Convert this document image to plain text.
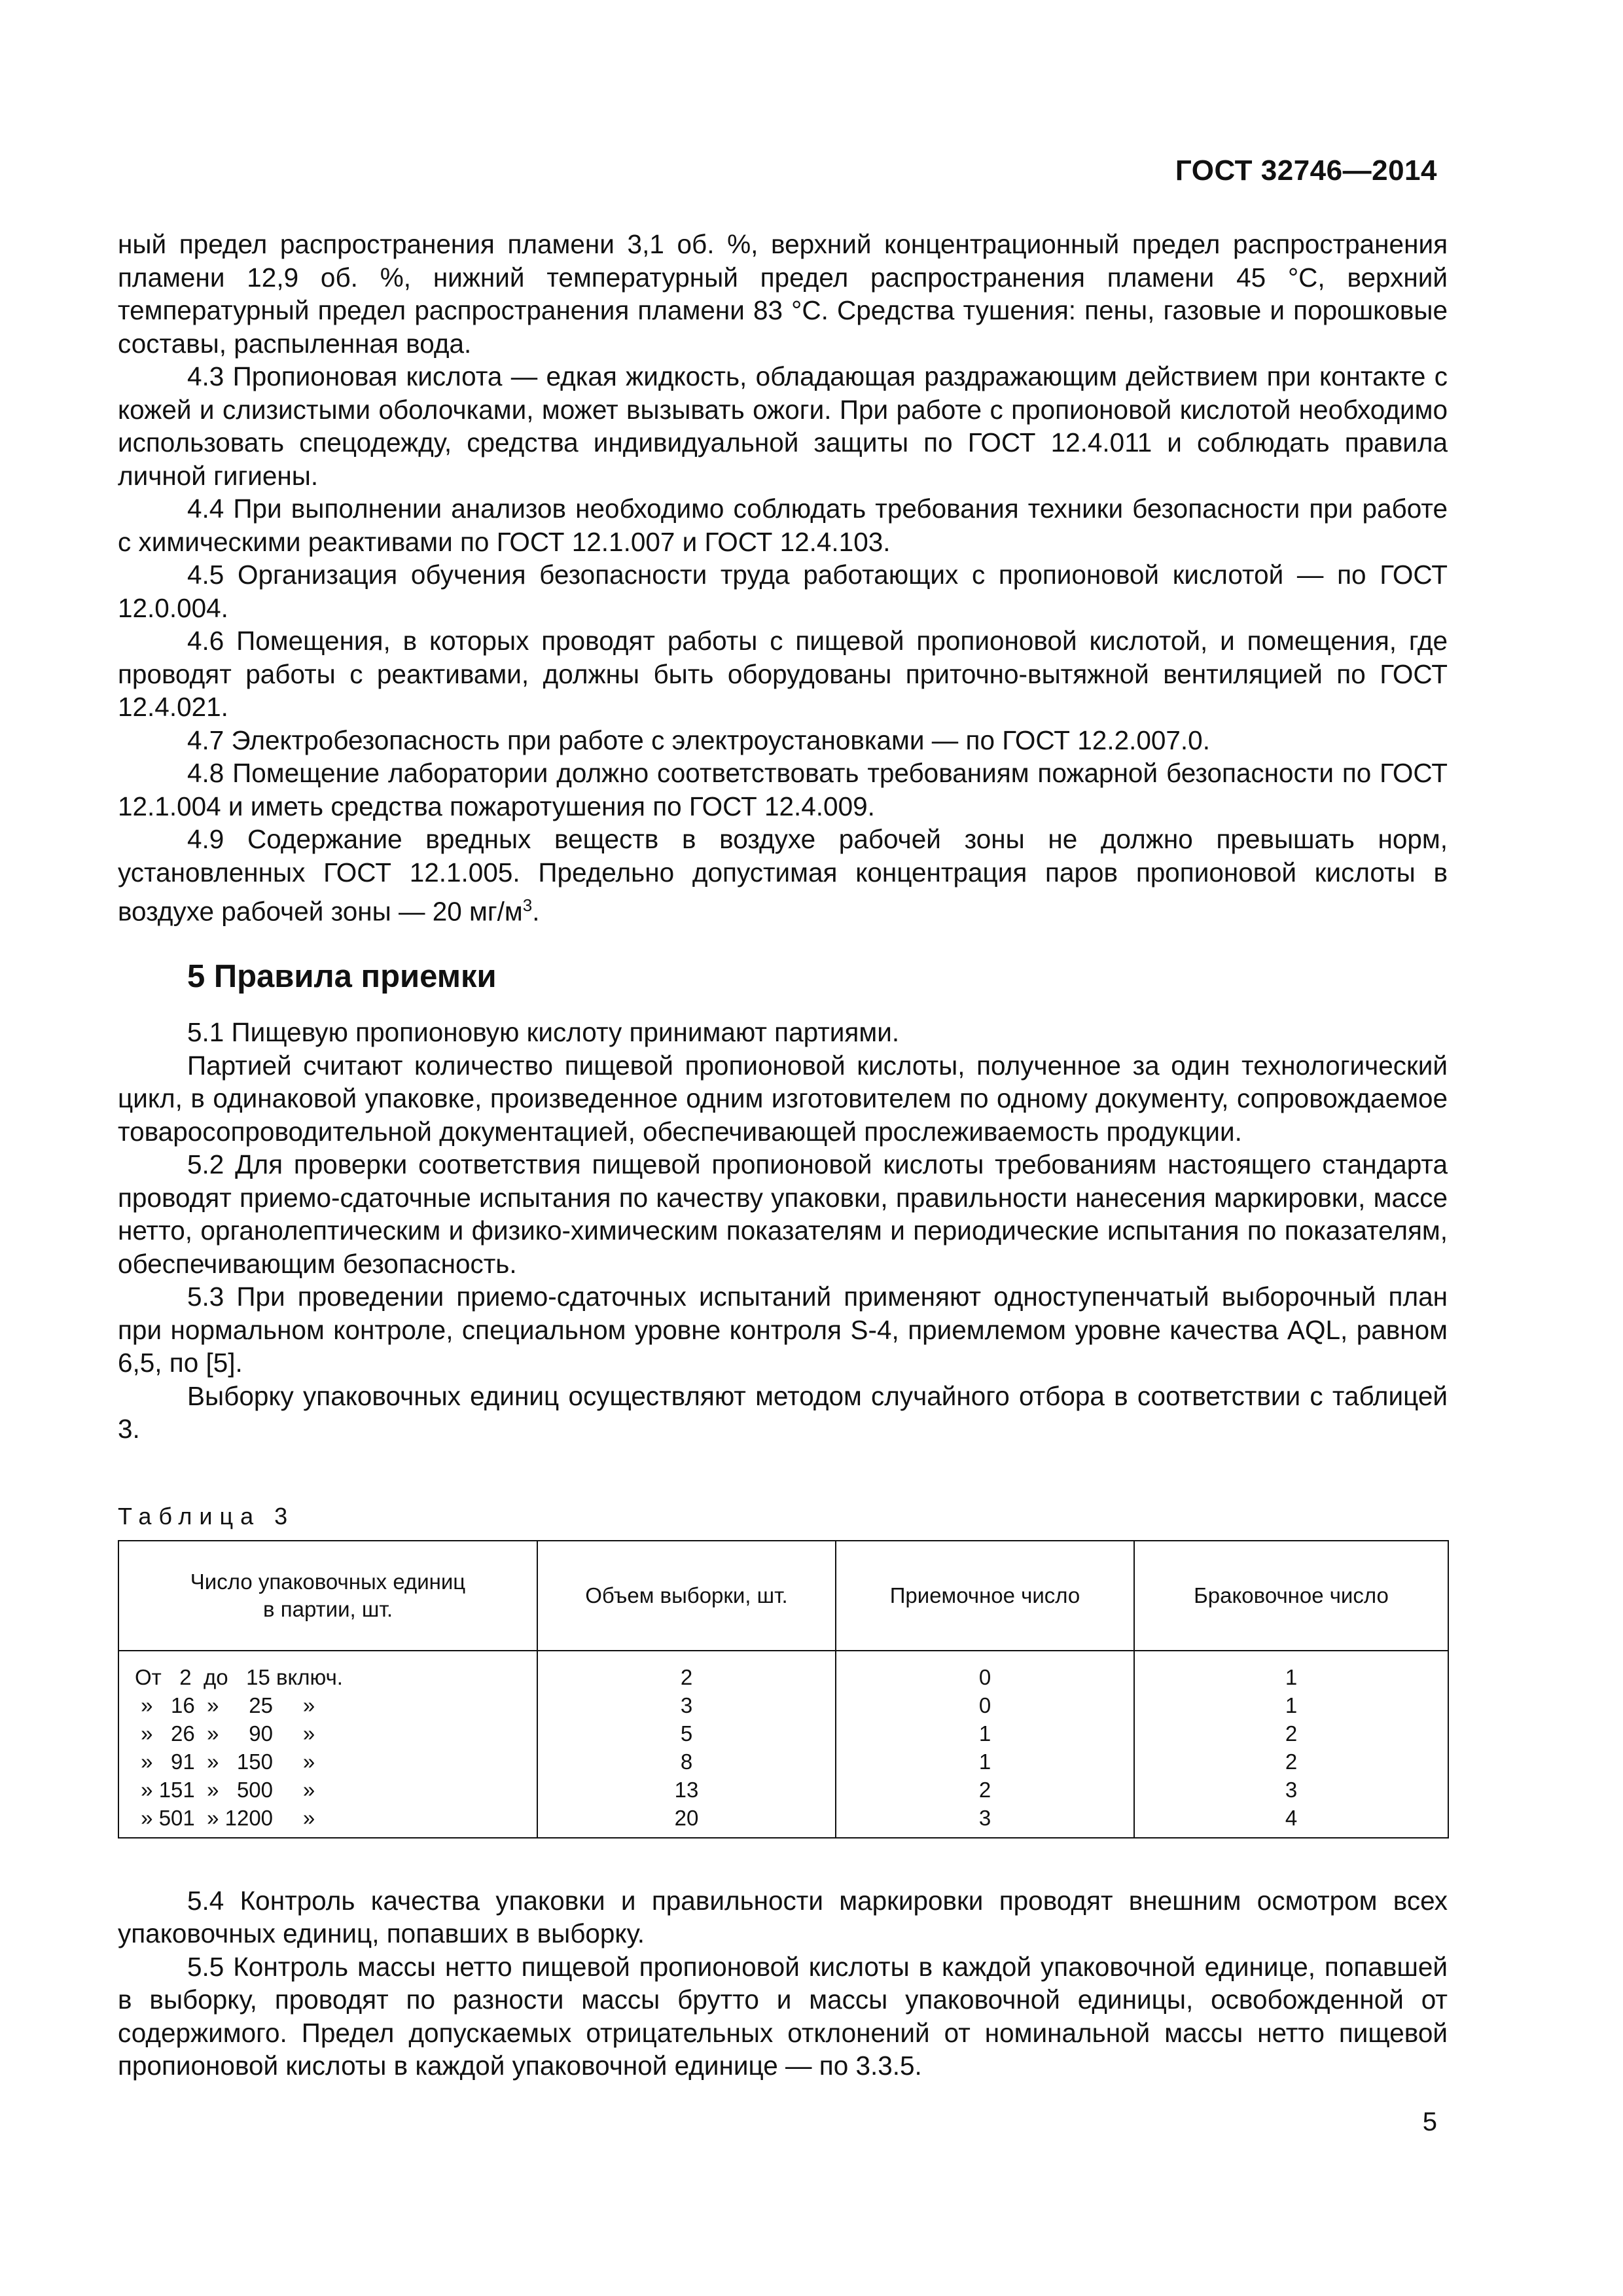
ГОСТ 32746—2014

ный предел распространения пламени 3,1 об. %, верхний концентрационный предел распространения пламени 12,9 об. %, нижний температурный предел распространения пламени 45 °С, верхний температурный предел распространения пламени 83 °С. Средства тушения: пены, газовые и порошковые составы, распыленная вода.

4.3 Пропионовая кислота — едкая жидкость, обладающая раздражающим действием при контакте с кожей и слизистыми оболочками, может вызывать ожоги. При работе с пропионовой кислотой необходимо использовать спецодежду, средства индивидуальной защиты по ГОСТ 12.4.011 и соблюдать правила личной гигиены.

4.4 При выполнении анализов необходимо соблюдать требования техники безопасности при работе с химическими реактивами по ГОСТ 12.1.007 и ГОСТ 12.4.103.

4.5 Организация обучения безопасности труда работающих с пропионовой кислотой — по ГОСТ 12.0.004.

4.6 Помещения, в которых проводят работы с пищевой пропионовой кислотой, и помещения, где проводят работы с реактивами, должны быть оборудованы приточно-вытяжной вентиляцией по ГОСТ 12.4.021.

4.7 Электробезопасность при работе с электроустановками — по ГОСТ 12.2.007.0.

4.8 Помещение лаборатории должно соответствовать требованиям пожарной безопасности по ГОСТ 12.1.004 и иметь средства пожаротушения по ГОСТ 12.4.009.

4.9 Содержание вредных веществ в воздухе рабочей зоны не должно превышать норм, установленных ГОСТ 12.1.005. Предельно допустимая концентрация паров пропионовой кислоты в воздухе рабочей зоны — 20 $мг/м^3$.

5 Правила приемки

5.1 Пищевую пропионовую кислоту принимают партиями.

Партией считают количество пищевой пропионовой кислоты, полученное за один технологический цикл, в одинаковой упаковке, произведенное одним изготовителем по одному документу, сопровождаемое товаросопроводительной документацией, обеспечивающей прослеживаемость продукции.

5.2 Для проверки соответствия пищевой пропионовой кислоты требованиям настоящего стандарта проводят приемо-сдаточные испытания по качеству упаковки, правильности нанесения маркировки, массе нетто, органолептическим и физико-химическим показателям и периодические испытания по показателям, обеспечивающим безопасность.

5.3 При проведении приемо-сдаточных испытаний применяют одноступенчатый выборочный план при нормальном контроле, специальном уровне контроля S-4, приемлемом уровне качества AQL, равном 6,5, по [5].

Выборку упаковочных единиц осуществляют методом случайного отбора в соответствии с таблицей 3.

Таблица 3
Число упаковочных единиц
в партии, шт.	Объем выборки, шт.	Приемочное число	Браковочное число
От   2  до   15 включ.	2	0	1
»   16  »     25     »	3	0	1
»   26  »     90     »	5	1	2
»   91  »   150     »	8	1	2
» 151  »   500     »	13	2	3
» 501  » 1200     »	20	3	4

5.4 Контроль качества упаковки и правильности маркировки проводят внешним осмотром всех упаковочных единиц, попавших в выборку.

5.5 Контроль массы нетто пищевой пропионовой кислоты в каждой упаковочной единице, попавшей в выборку, проводят по разности массы брутто и массы упаковочной единицы, освобожденной от содержимого. Предел допускаемых отрицательных отклонений от номинальной массы нетто пищевой пропионовой кислоты в каждой упаковочной единице — по 3.3.5.

5
